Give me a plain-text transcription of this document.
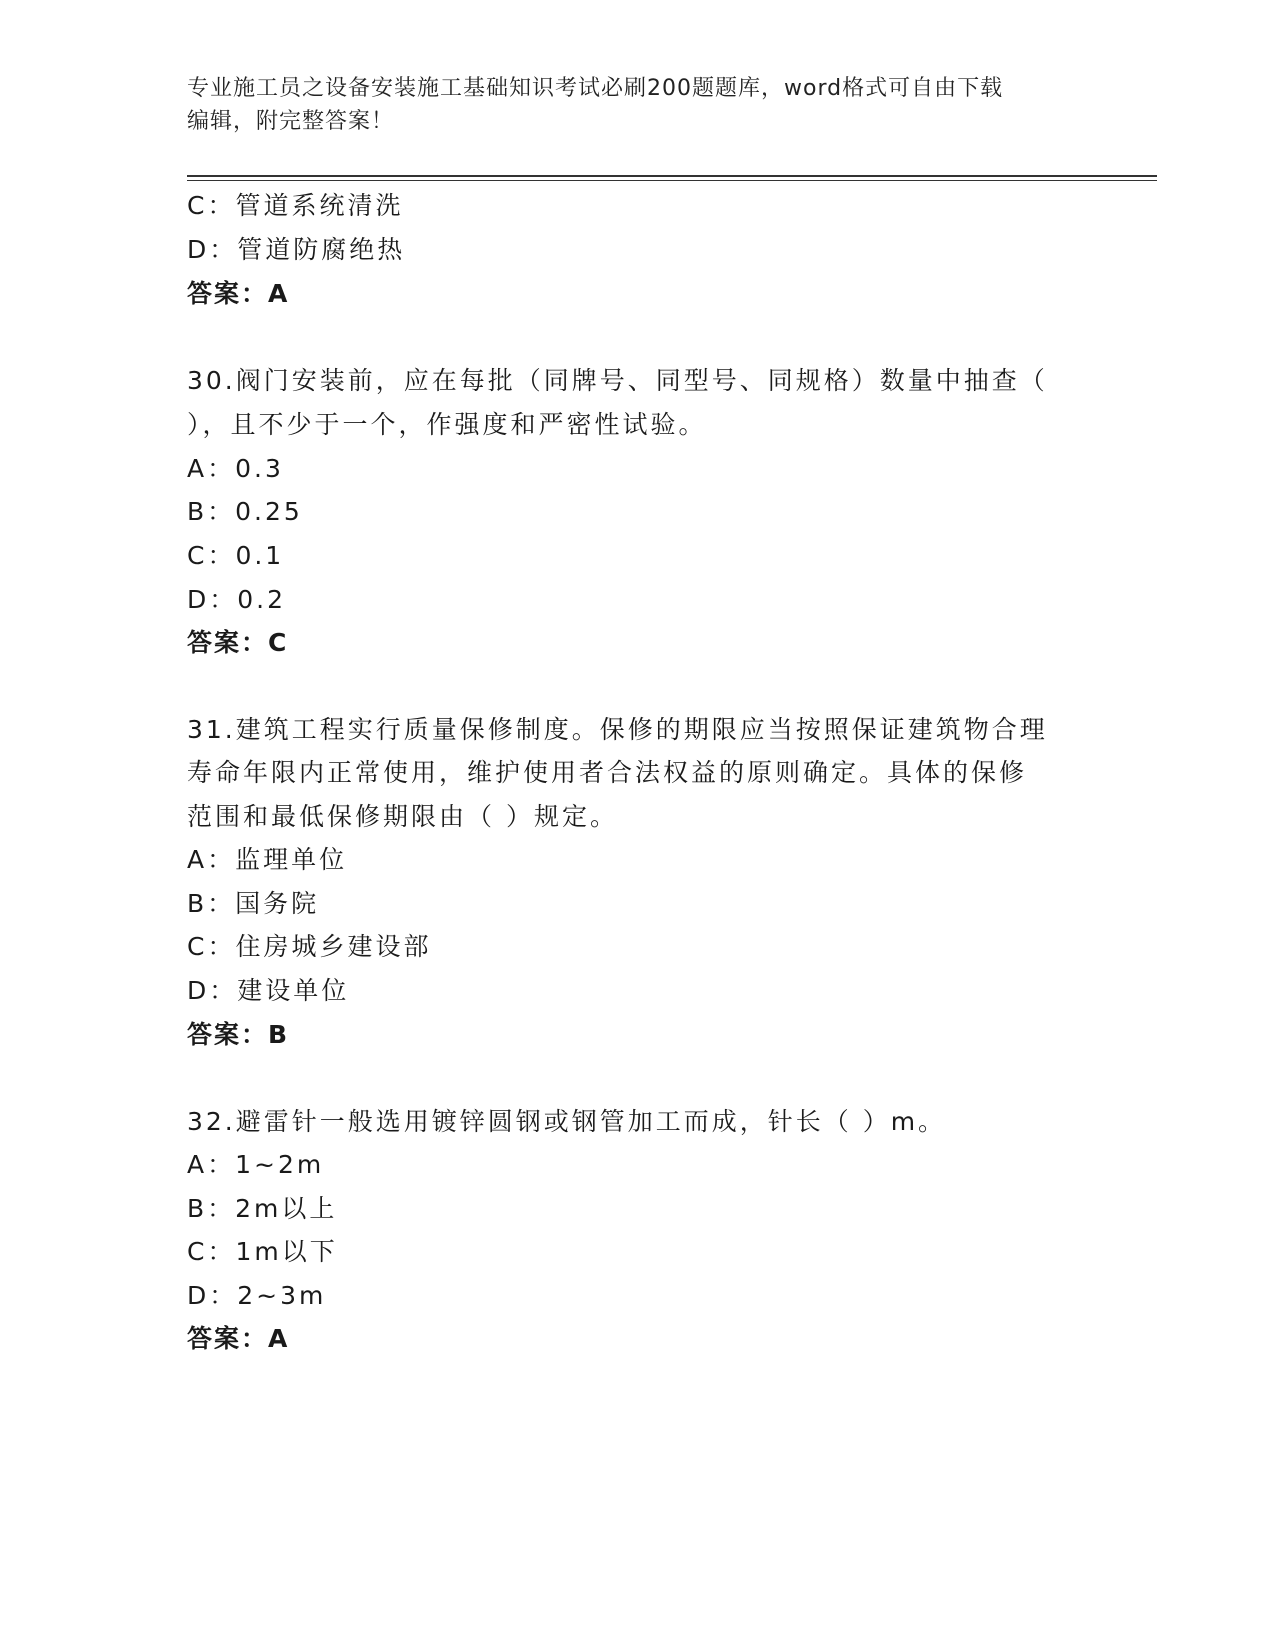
专业施工员之设备安装施工基础知识考试必刷200题题库，word格式可自由下载
编辑，附完整答案！
C：管道系统清洗
D：管道防腐绝热
答案：A
30.阀门安装前，应在每批（同牌号、同型号、同规格）数量中抽查（
），且不少于一个，作强度和严密性试验。
A：0.3
B：0.25
C：0.1
D：0.2
答案：C
31.建筑工程实行质量保修制度。保修的期限应当按照保证建筑物合理
寿命年限内正常使用，维护使用者合法权益的原则确定。具体的保修
范围和最低保修期限由（ ）规定。
A：监理单位
B：国务院
C：住房城乡建设部
D：建设单位
答案：B
32.避雷针一般选用镀锌圆钢或钢管加工而成，针长（ ）m。
A：1~2m
B：2m以上
C：1m以下
D：2~3m
答案：A
